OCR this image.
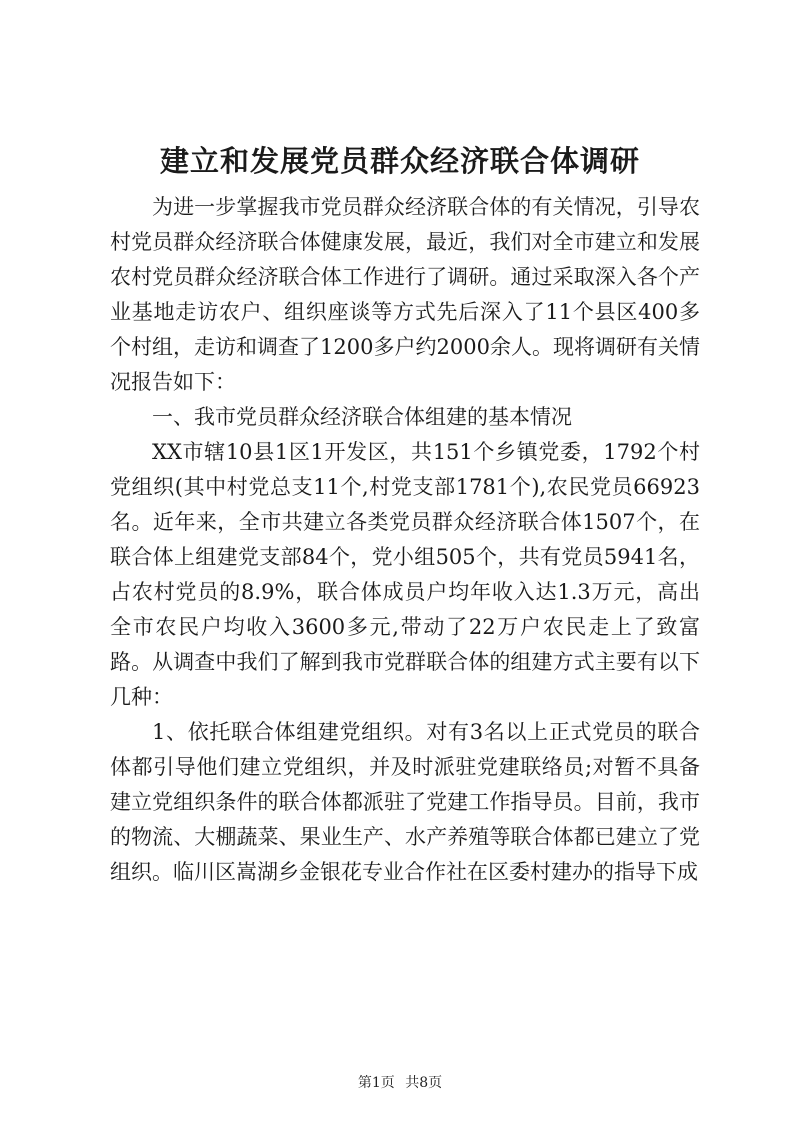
建立和发展党员群众经济联合体调研

为进一步掌握我市党员群众经济联合体的有关情况，引导农村党员群众经济联合体健康发展，最近，我们对全市建立和发展农村党员群众经济联合体工作进行了调研。通过采取深入各个产业基地走访农户、组织座谈等方式先后深入了11个县区400多个村组，走访和调查了1200多户约2000余人。现将调研有关情况报告如下：

一、我市党员群众经济联合体组建的基本情况

XX市辖10县1区1开发区，共151个乡镇党委，1792个村党组织(其中村党总支11个,村党支部1781个),农民党员66923名。近年来，全市共建立各类党员群众经济联合体1507个，在联合体上组建党支部84个，党小组505个，共有党员5941名，占农村党员的8.9%，联合体成员户均年收入达1.3万元，高出全市农民户均收入3600多元,带动了22万户农民走上了致富路。从调查中我们了解到我市党群联合体的组建方式主要有以下几种：

1、依托联合体组建党组织。对有3名以上正式党员的联合体都引导他们建立党组织，并及时派驻党建联络员;对暂不具备建立党组织条件的联合体都派驻了党建工作指导员。目前，我市的物流、大棚蔬菜、果业生产、水产养殖等联合体都已建立了党组织。临川区嵩湖乡金银花专业合作社在区委村建办的指导下成

第1页 共8页
